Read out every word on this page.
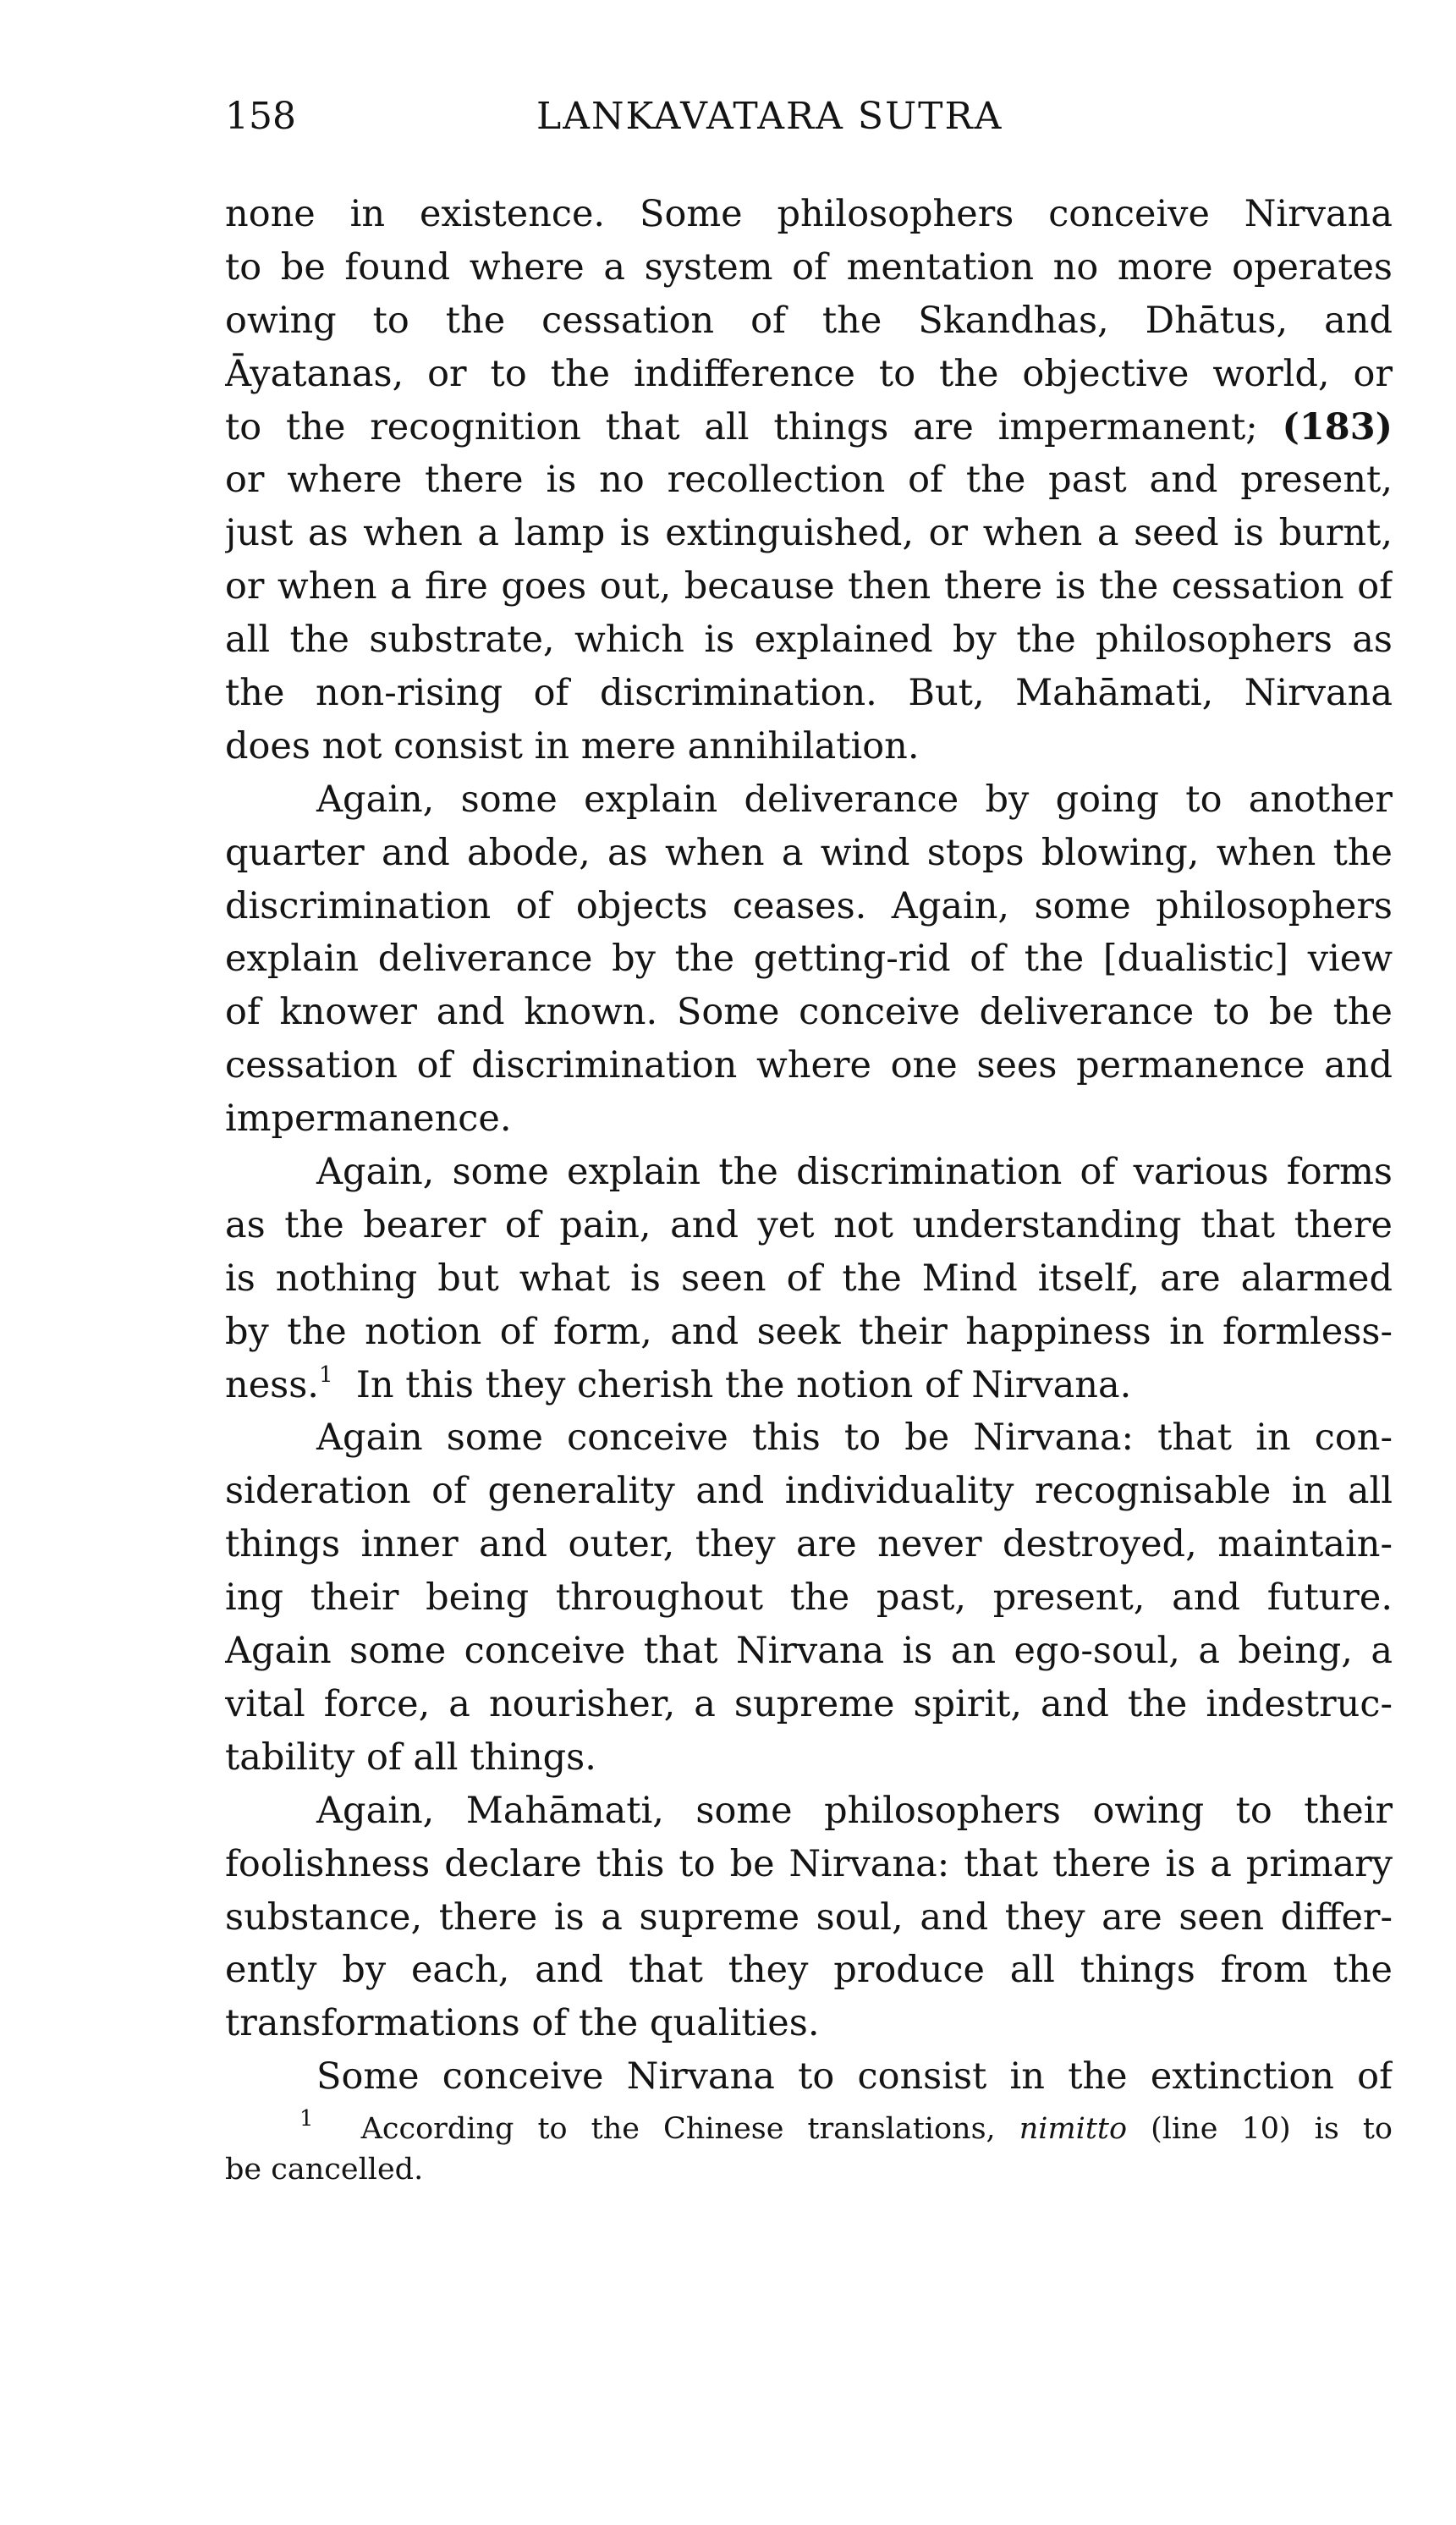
158	LANKAVATARA SUTRA
none in existence. Some philosophers conceive Nirvana
to be found where a system of mentation no more operates
owing to the cessation of the Skandhas, Dhātus, and
Āyatanas, or to the indifference to the objective world, or
to the recognition that all things are impermanent; (183)
or where there is no recollection of the past and present,
just as when a lamp is extinguished, or when a seed is burnt,
or when a fire goes out, because then there is the cessation of
all the substrate, which is explained by the philosophers as
the non-rising of discrimination. But, Mahāmati, Nirvana
does not consist in mere annihilation.
Again, some explain deliverance by going to another
quarter and abode, as when a wind stops blowing, when the
discrimination of objects ceases. Again, some philosophers
explain deliverance by the getting-rid of the [dualistic] view
of knower and known. Some conceive deliverance to be the
cessation of discrimination where one sees permanence and
impermanence.
Again, some explain the discrimination of various forms
as the bearer of pain, and yet not understanding that there
is nothing but what is seen of the Mind itself, are alarmed
by the notion of form, and seek their happiness in formless-
ness.$^1$ In this they cherish the notion of Nirvana.
Again some conceive this to be Nirvana: that in con-
sideration of generality and individuality recognisable in all
things inner and outer, they are never destroyed, maintain-
ing their being throughout the past, present, and future.
Again some conceive that Nirvana is an ego-soul, a being, a
vital force, a nourisher, a supreme spirit, and the indestruc-
tability of all things.
Again, Mahāmati, some philosophers owing to their
foolishness declare this to be Nirvana: that there is a primary
substance, there is a supreme soul, and they are seen differ-
ently by each, and that they produce all things from the
transformations of the qualities.
Some conceive Nirvana to consist in the extinction of
$^1$ According to the Chinese translations, nimitto (line 10) is to
be cancelled.
